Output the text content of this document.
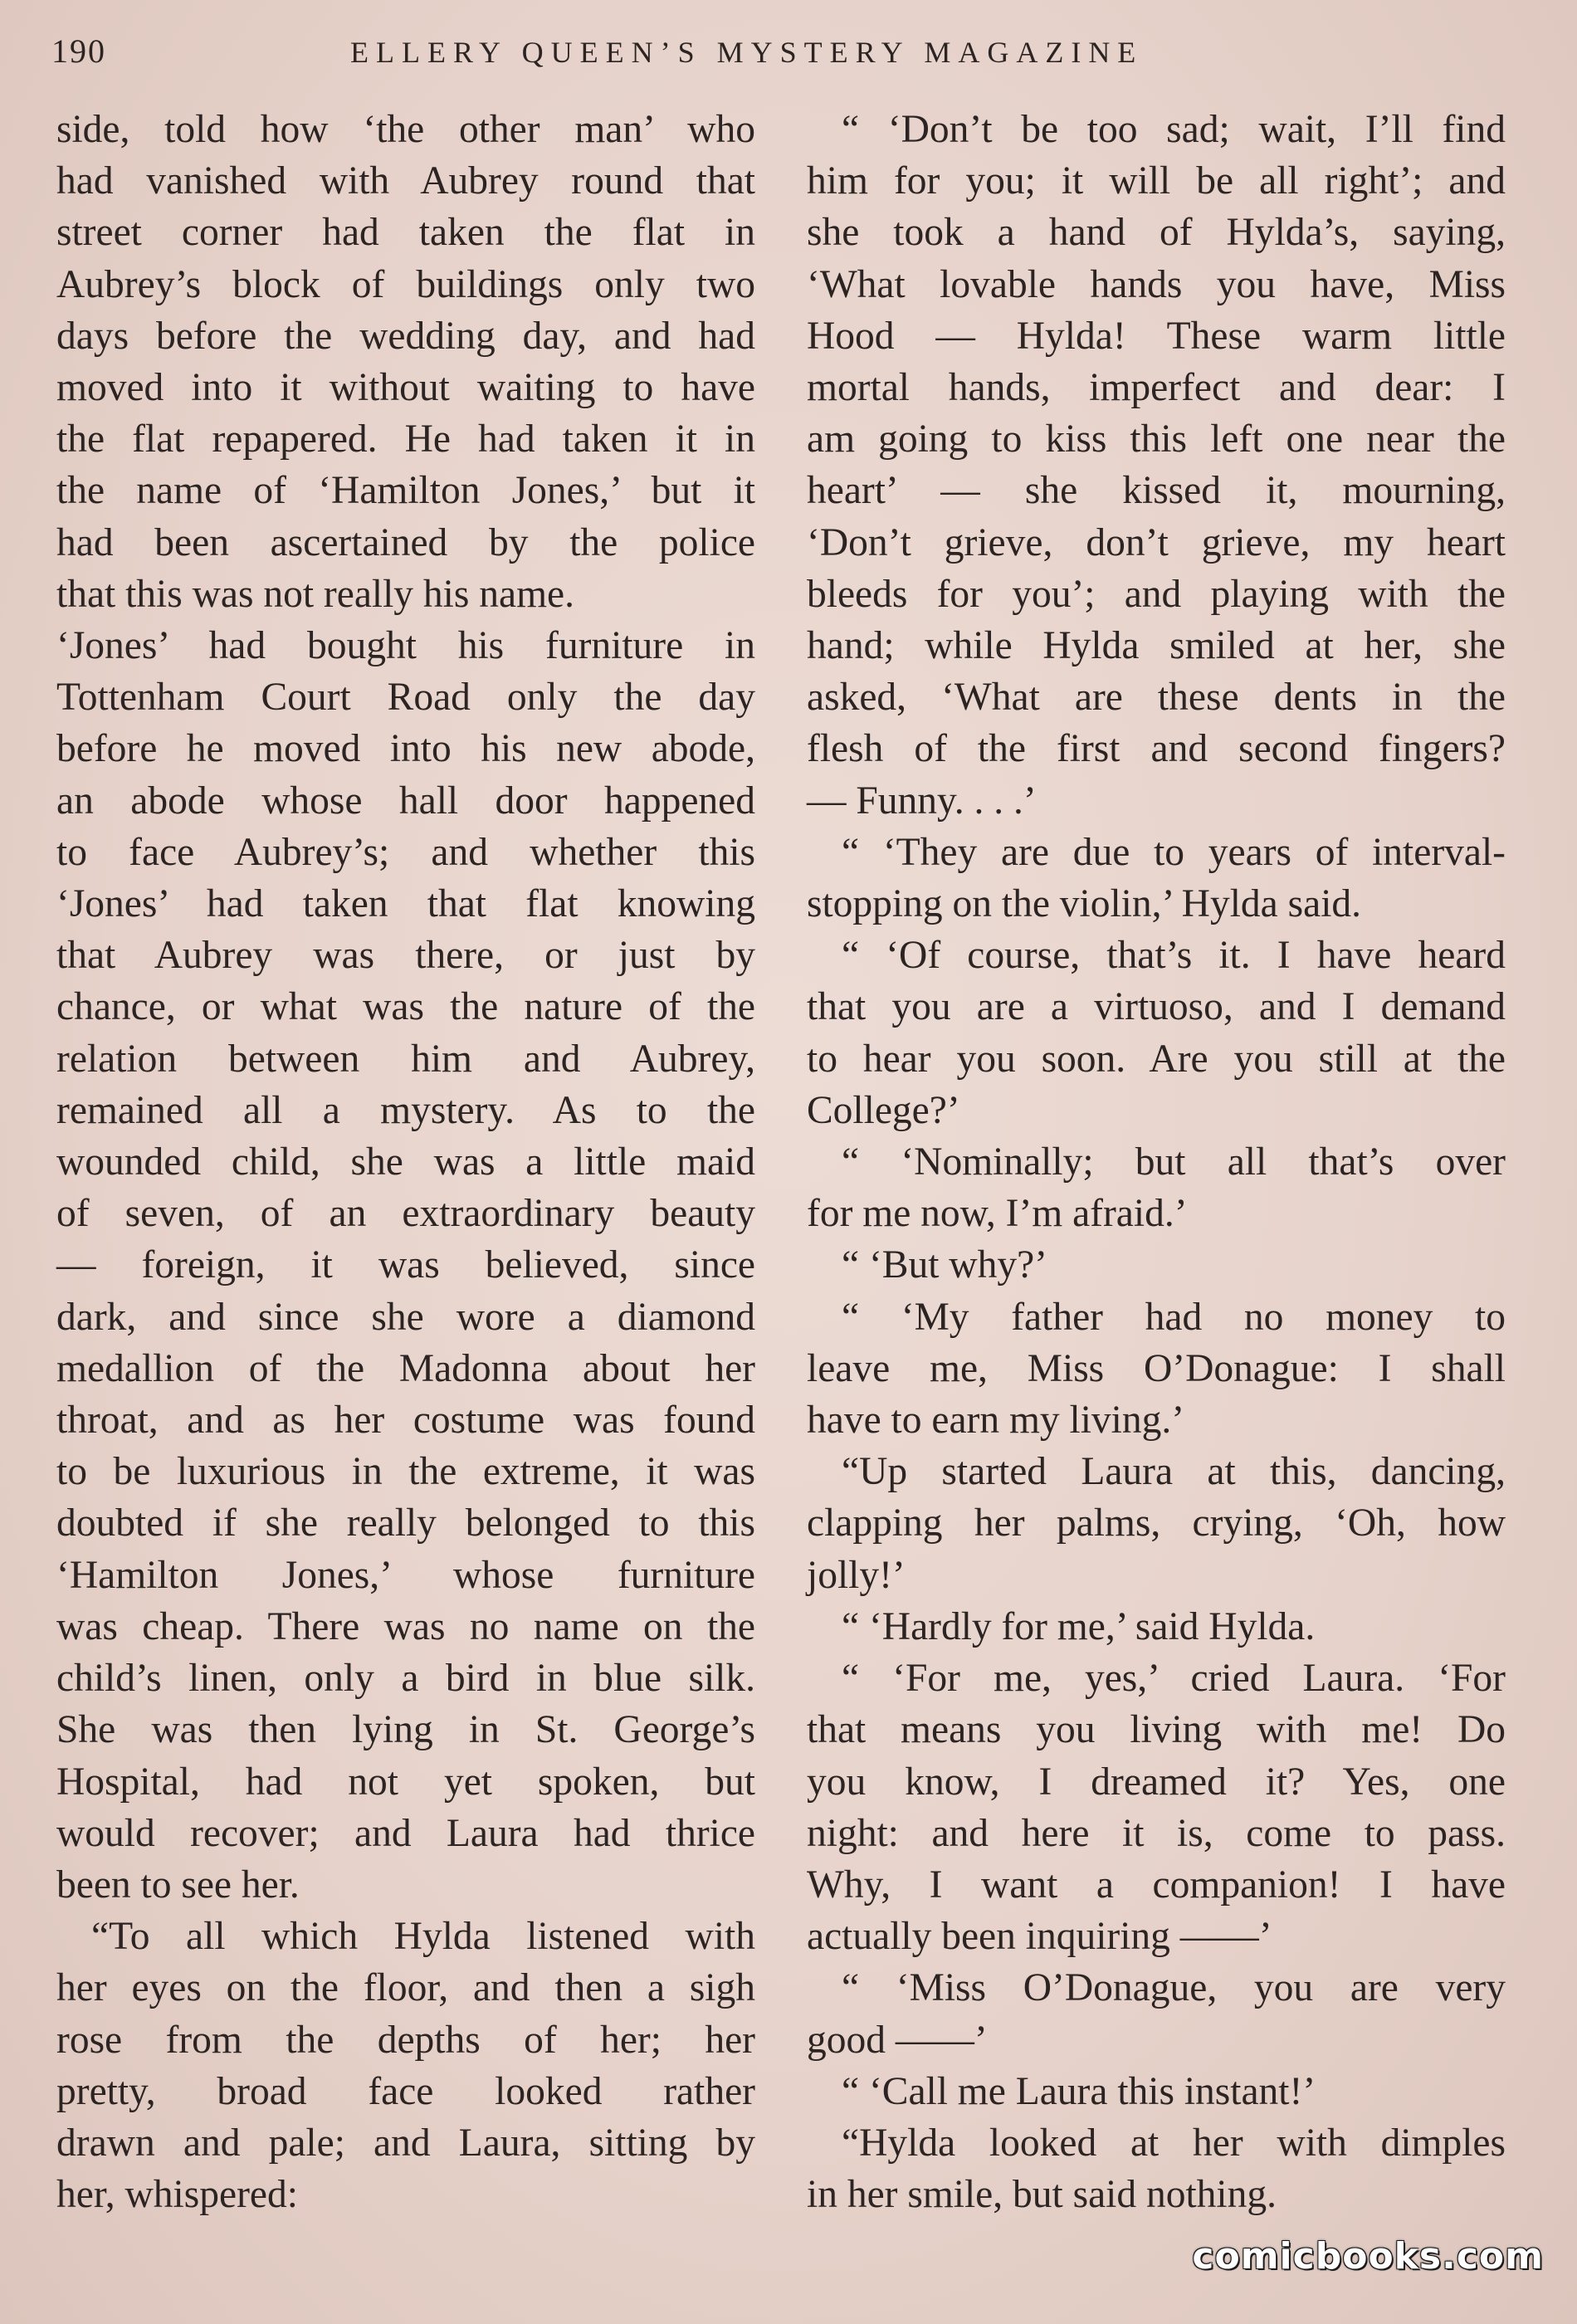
190	ELLERY QUEEN’S MYSTERY MAGAZINE
side, told how ‘the other man’ who
had vanished with Aubrey round that
street corner had taken the flat in
Aubrey’s block of buildings only two
days before the wedding day, and had
moved into it without waiting to have
the flat repapered. He had taken it in
the name of ‘Hamilton Jones,’ but it
had been ascertained by the police
that this was not really his name.
‘Jones’ had bought his furniture in
Tottenham Court Road only the day
before he moved into his new abode,
an abode whose hall door happened
to face Aubrey’s; and whether this
‘Jones’ had taken that flat knowing
that Aubrey was there, or just by
chance, or what was the nature of the
relation between him and Aubrey,
remained all a mystery. As to the
wounded child, she was a little maid
of seven, of an extraordinary beauty
— foreign, it was believed, since
dark, and since she wore a diamond
medallion of the Madonna about her
throat, and as her costume was found
to be luxurious in the extreme, it was
doubted if she really belonged to this
‘Hamilton Jones,’ whose furniture
was cheap. There was no name on the
child’s linen, only a bird in blue silk.
She was then lying in St. George’s
Hospital, had not yet spoken, but
would recover; and Laura had thrice
been to see her.
“To all which Hylda listened with
her eyes on the floor, and then a sigh
rose from the depths of her; her
pretty, broad face looked rather
drawn and pale; and Laura, sitting by
her, whispered:
“ ‘Don’t be too sad; wait, I’ll find
him for you; it will be all right’; and
she took a hand of Hylda’s, saying,
‘What lovable hands you have, Miss
Hood — Hylda! These warm little
mortal hands, imperfect and dear: I
am going to kiss this left one near the
heart’ — she kissed it, mourning,
‘Don’t grieve, don’t grieve, my heart
bleeds for you’; and playing with the
hand; while Hylda smiled at her, she
asked, ‘What are these dents in the
flesh of the first and second fingers?
— Funny. . . .’
“ ‘They are due to years of interval-
stopping on the violin,’ Hylda said.
“ ‘Of course, that’s it. I have heard
that you are a virtuoso, and I demand
to hear you soon. Are you still at the
College?’
“ ‘Nominally; but all that’s over
for me now, I’m afraid.’
“ ‘But why?’
“ ‘My father had no money to
leave me, Miss O’Donague: I shall
have to earn my living.’
“Up started Laura at this, dancing,
clapping her palms, crying, ‘Oh, how
jolly!’
“ ‘Hardly for me,’ said Hylda.
“ ‘For me, yes,’ cried Laura. ‘For
that means you living with me! Do
you know, I dreamed it? Yes, one
night: and here it is, come to pass.
Why, I want a companion! I have
actually been inquiring ——’
“ ‘Miss O’Donague, you are very
good ——’
“ ‘Call me Laura this instant!’
“Hylda looked at her with dimples
in her smile, but said nothing.
comicbooks.com
